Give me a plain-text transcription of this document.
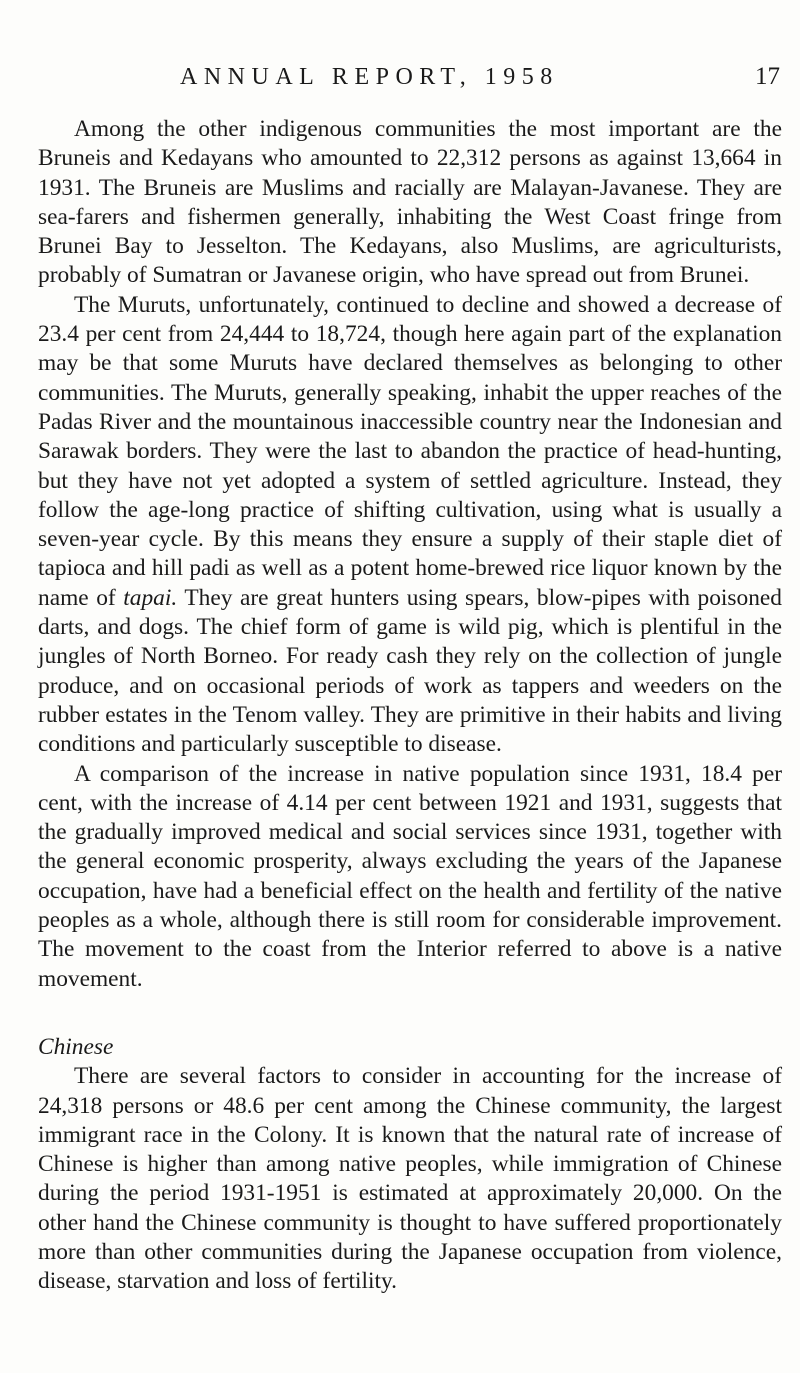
ANNUAL REPORT, 1958	17

Among the other indigenous communities the most important are the Bruneis and Kedayans who amounted to 22,312 persons as against 13,664 in 1931. The Bruneis are Muslims and racially are Malayan-Javanese. They are sea-farers and fishermen generally, inhabiting the West Coast fringe from Brunei Bay to Jesselton. The Kedayans, also Muslims, are agriculturists, probably of Sumatran or Javanese origin, who have spread out from Brunei.

The Muruts, unfortunately, continued to decline and showed a decrease of 23.4 per cent from 24,444 to 18,724, though here again part of the explanation may be that some Muruts have declared themselves as belonging to other communities. The Muruts, generally speaking, inhabit the upper reaches of the Padas River and the mountainous inaccessible country near the Indonesian and Sarawak borders. They were the last to abandon the practice of head-hunting, but they have not yet adopted a system of settled agriculture. Instead, they follow the age-long practice of shifting cultivation, using what is usually a seven-year cycle. By this means they ensure a supply of their staple diet of tapioca and hill padi as well as a potent home-brewed rice liquor known by the name of tapai. They are great hunters using spears, blow-pipes with poisoned darts, and dogs. The chief form of game is wild pig, which is plentiful in the jungles of North Borneo. For ready cash they rely on the collection of jungle produce, and on occasional periods of work as tappers and weeders on the rubber estates in the Tenom valley. They are primitive in their habits and living conditions and particularly susceptible to disease.

A comparison of the increase in native population since 1931, 18.4 per cent, with the increase of 4.14 per cent between 1921 and 1931, suggests that the gradually improved medical and social services since 1931, together with the general economic prosperity, always excluding the years of the Japanese occupation, have had a beneficial effect on the health and fertility of the native peoples as a whole, although there is still room for considerable improvement. The movement to the coast from the Interior referred to above is a native movement.

Chinese

There are several factors to consider in accounting for the increase of 24,318 persons or 48.6 per cent among the Chinese community, the largest immigrant race in the Colony. It is known that the natural rate of increase of Chinese is higher than among native peoples, while immigration of Chinese during the period 1931-1951 is estimated at approximately 20,000. On the other hand the Chinese community is thought to have suffered proportionately more than other communities during the Japanese occupation from violence, disease, starvation and loss of fertility.
